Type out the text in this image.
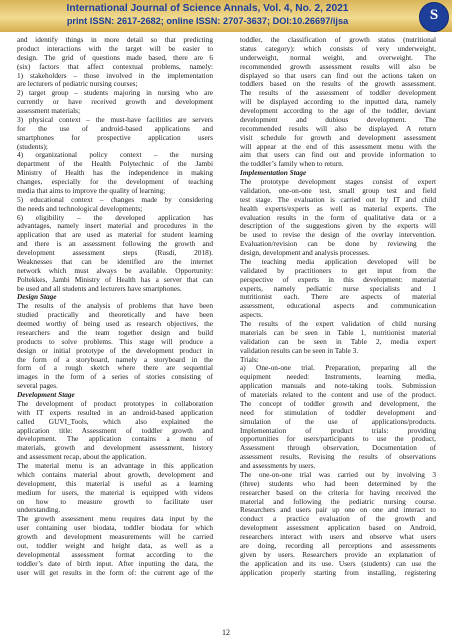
International Journal of Science Annals, Vol. 4, No. 2, 2021
print ISSN: 2617-2682; online ISSN: 2707-3637; DOI:10.26697/ijsa	S
and identify things in more detail so that predicting
product interactions with the target will be easier to
design. The grid of questions made based, there are 6
(six) factors that affect contextual problems, namely:
1) stakeholders – those involved in the implementation
are lecturers of pediatric nursing courses;
2) target group – students majoring in nursing who are
currently or have received growth and development
assessment materials;
3) physical context – the must-have facilities are servers
for the use of android-based applications and
smartphones for prospective application users
(students);
4) organizational policy context – the nursing
department of the Health Polytechnic of the Jambi
Ministry of Health has the independence in making
changes, especially for the development of teaching
media that aims to improve the quality of learning;
5) educational context – changes made by considering
the needs and technological developments;
6) eligibility – the developed application has
advantages, namely insert material and procedures in the
application that are used as material for student learning
and there is an assessment following the growth and
development assessment steps (Rusdi, 2018).
Weaknesses that can be identified are the internet
network which must always be available. Opportunity:
Poltekkes, Jambi Ministry of Health has a server that can
be used and all students and lecturers have smartphones.
Design Stage
The results of the analysis of problems that have been
studied practically and theoretically and have been
deemed worthy of being used as research objectives, the
researchers and the team together design and build
products to solve problems. This stage will produce a
design or initial prototype of the development product in
the form of a storyboard, namely a storyboard in the
form of a rough sketch where there are sequential
images in the form of a series of stories consisting of
several pages.
Development Stage
The development of product prototypes in collaboration
with IT experts resulted in an android-based application
called GUVI_Tools, which also explained the
application title: Assessment of toddler growth and
development. The application contains a menu of
materials, growth and development assessment, history
and assessment recap, about the application.
The material menu is an advantage in this application
which contains material about growth, development and
development, this material is useful as a learning
medium for users, the material is equipped with videos
on how to measure growth to facilitate user
understanding.
The growth assessment menu requires data input by the
user containing user biodata, toddler biodata for which
growth and development measurements will be carried
out, toddler weight and height data, as well as a
developmental assessment format according to the
toddler’s date of birth input. After inputting the data, the
user will get results in the form of: the current age of the
toddler, the classification of growth status (nutritional
status category): which consists of very underweight,
underweight, normal weight, and overweight. The
recommended growth assessment results will also be
displayed so that users can find out the actions taken on
toddlers based on the results of the growth assessment.
The results of the assessment of toddler development
will be displayed according to the inputted data, namely
development according to the age of the toddler, deviant
development and dubious development. The
recommended results will also be displayed. A return
visit schedule for growth and development assessment
will appear at the end of this assessment menu with the
aim that users can find out and provide information to
the toddler’s family when to return.
Implementation Stage
The prototype development stages consist of expert
validation, one-on-one test, small group test and field
test stage. The evaluation is carried out by IT and child
health experts/experts as well as material experts. The
evaluation results in the form of qualitative data or a
description of the suggestions given by the experts will
be used to revise the design of the overlay intervention.
Evaluation/revision can be done by reviewing the
design, development and analysis processes.
The teaching media application developed will be
validated by practitioners to get input from the
perspective of experts in this development: material
experts, namely pediatric nurse specialists and 1
nutritionist each. There are aspects of material
assessment, educational aspects and communication
aspects.
The results of the expert validation of child nursing
materials can be seen in Table 1, nutritionist material
validation can be seen in Table 2, media expert
validation results can be seen in Table 3.
Trials:
a) One-on-one trial. Preparation, preparing all the
equipment needed: Instruments, learning media,
application manuals and note-taking tools. Submission
of materials related to the content and use of the product.
The concept of toddler growth and development, the
need for stimulation of toddler development and
simulation of the use of applications/products.
Implementation of product trials: providing
opportunities for users/participants to use the product,
Assessment through observation, Documentation of
assessment results, Revising the results of observations
and assessments by users.
The one-on-one trial was carried out by involving 3
(three) students who had been determined by the
researcher based on the criteria for having received the
material and following the pediatric nursing course.
Researchers and users pair up one on one and interact to
conduct a practice evaluation of the growth and
development assessment application based on Android,
researchers interact with users and observe what users
are doing, recording all perceptions and assessments
given by users. Researchers provide an explanation of
the application and its use. Users (students) can use the
application properly starting from installing, registering
12
